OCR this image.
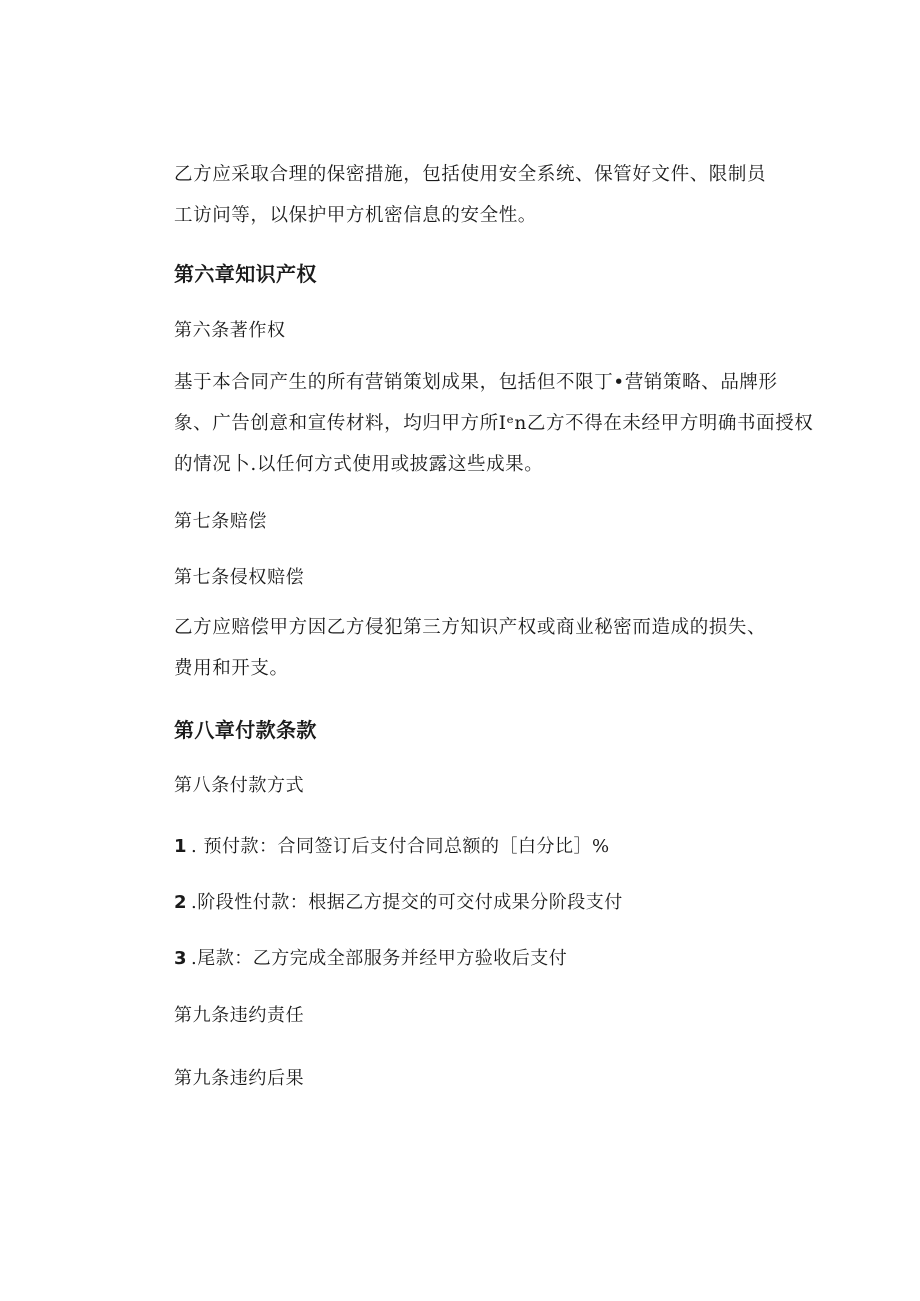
乙方应采取合理的保密措施，包括使用安全系统、保管好文件、限制员
工访问等，以保护甲方机密信息的安全性。

第六章知识产权

第六条著作权

基于本合同产生的所有营销策划成果，包括但不限丁•营销策略、品牌形
象、广告创意和宣传材料，均归甲方所Iᵉn乙方不得在未经甲方明确书面授权
的情况卜.以任何方式使用或披露这些成果。

第七条赔偿

第七条侵权赔偿

乙方应赔偿甲方因乙方侵犯第三方知识产权或商业秘密而造成的损失、
费用和开支。

第八章付款条款

第八条付款方式

1 . 预付款：合同签订后支付合同总额的［白分比］%

2 .阶段性付款：根据乙方提交的可交付成果分阶段支付

3 .尾款：乙方完成全部服务并经甲方验收后支付

第九条违约责任

第九条违约后果
